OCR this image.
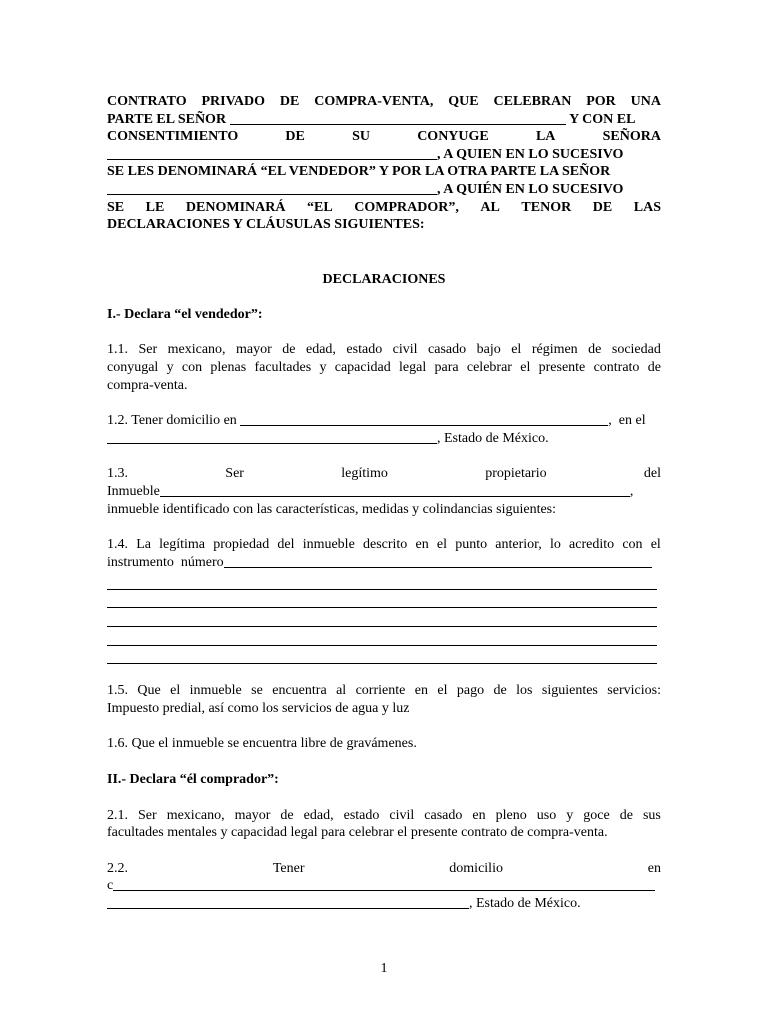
CONTRATO PRIVADO DE COMPRA-VENTA, QUE CELEBRAN POR UNA
PARTE EL SEÑOR

	Y CON EL
CONSENTIMIENTO	DE	SU	CONYUGE	LA	SEÑORA
, A QUIEN EN LO SUCESIVO
SE LES DENOMINARÁ “EL VENDEDOR” Y POR LA OTRA PARTE LA SEÑOR
, A QUIÉN EN LO SUCESIVO
SE LE DENOMINARÁ “EL COMPRADOR”, AL TENOR DE LAS
DECLARACIONES Y CLÁUSULAS SIGUIENTES:
DECLARACIONES
I.- Declara “el vendedor”:
1.1. Ser mexicano, mayor de edad, estado civil casado bajo el régimen de sociedad
conyugal y con plenas facultades y capacidad legal para celebrar el presente contrato de
compra-venta.
1.2. Tener domicilio en
	,  en el
, Estado de México.
1.3.	Ser	legítimo	propietario	del
Inmueble	,
inmueble identificado con las características, medidas y colindancias siguientes:
1.4. La legítima propiedad del inmueble descrito en el punto anterior, lo acredito con el
instrumento  número
1.5. Que el inmueble se encuentra al corriente en el pago de los siguientes servicios:
Impuesto predial, así como los servicios de agua y luz
1.6. Que el inmueble se encuentra libre de gravámenes.
II.- Declara “él comprador”:
2.1. Ser mexicano, mayor de edad, estado civil casado en pleno uso y goce de sus
facultades mentales y capacidad legal para celebrar el presente contrato de compra-venta.
2.2.	Tener	domicilio	en
c
, Estado de México.
1
